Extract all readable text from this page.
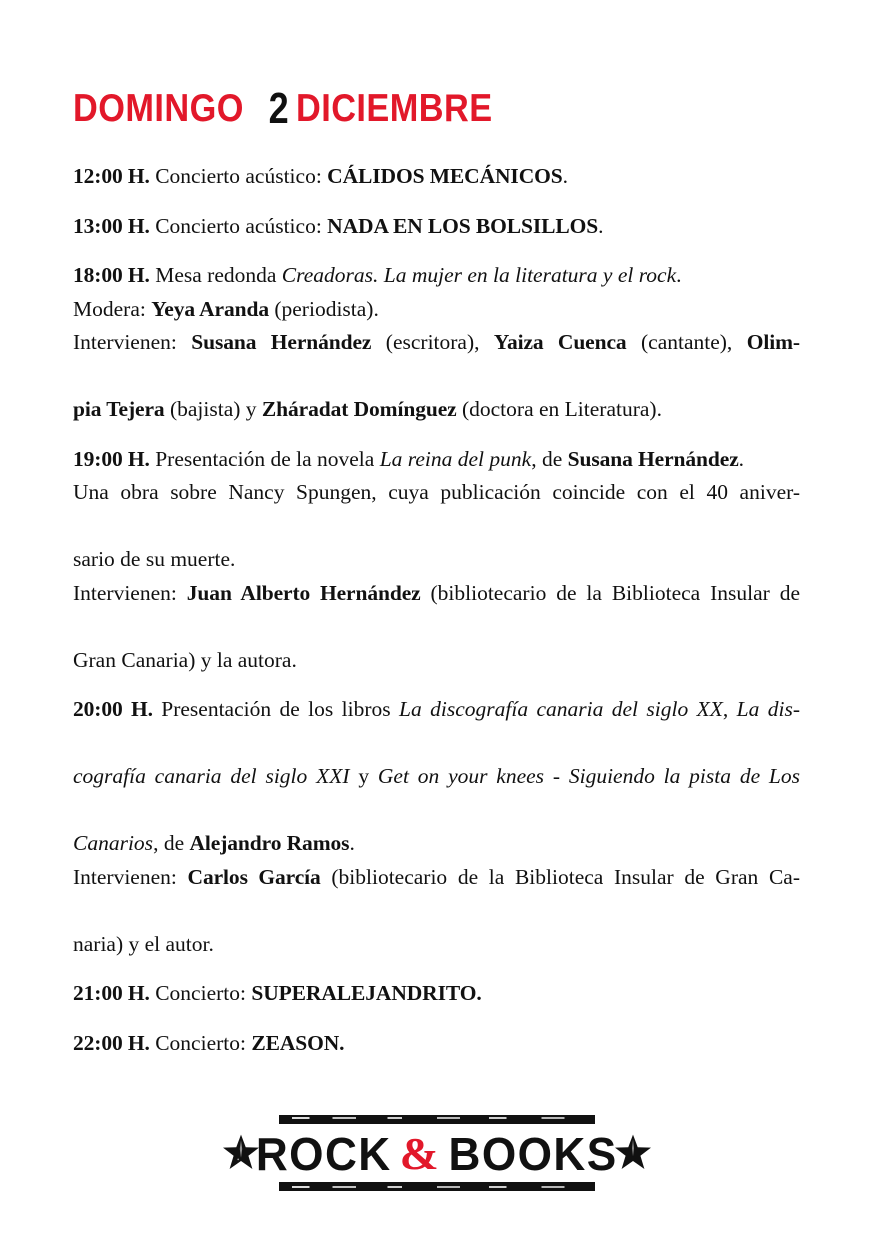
DOMINGO 2 DICIEMBRE

12:00 H. Concierto acústico: CÁLIDOS MECÁNICOS.

13:00 H. Concierto acústico: NADA EN LOS BOLSILLOS.

18:00 H. Mesa redonda Creadoras. La mujer en la literatura y el rock.
Modera: Yeya Aranda (periodista).
Intervienen: Susana Hernández (escritora), Yaiza Cuenca (cantante), Olim-
pia Tejera (bajista) y Zháradat Domínguez (doctora en Literatura).

19:00 H. Presentación de la novela La reina del punk, de Susana Hernández.
Una obra sobre Nancy Spungen, cuya publicación coincide con el 40 aniver-
sario de su muerte.
Intervienen: Juan Alberto Hernández (bibliotecario de la Biblioteca Insular de
Gran Canaria) y la autora.

20:00 H. Presentación de los libros La discografía canaria del siglo XX, La dis-
cografía canaria del siglo XXI y Get on your knees - Siguiendo la pista de Los
Canarios, de Alejandro Ramos.
Intervienen: Carlos García (bibliotecario de la Biblioteca Insular de Gran Ca-
naria) y el autor.

21:00 H. Concierto: SUPERALEJANDRITO.

22:00 H. Concierto: ZEASON.

ROCK & BOOKS
